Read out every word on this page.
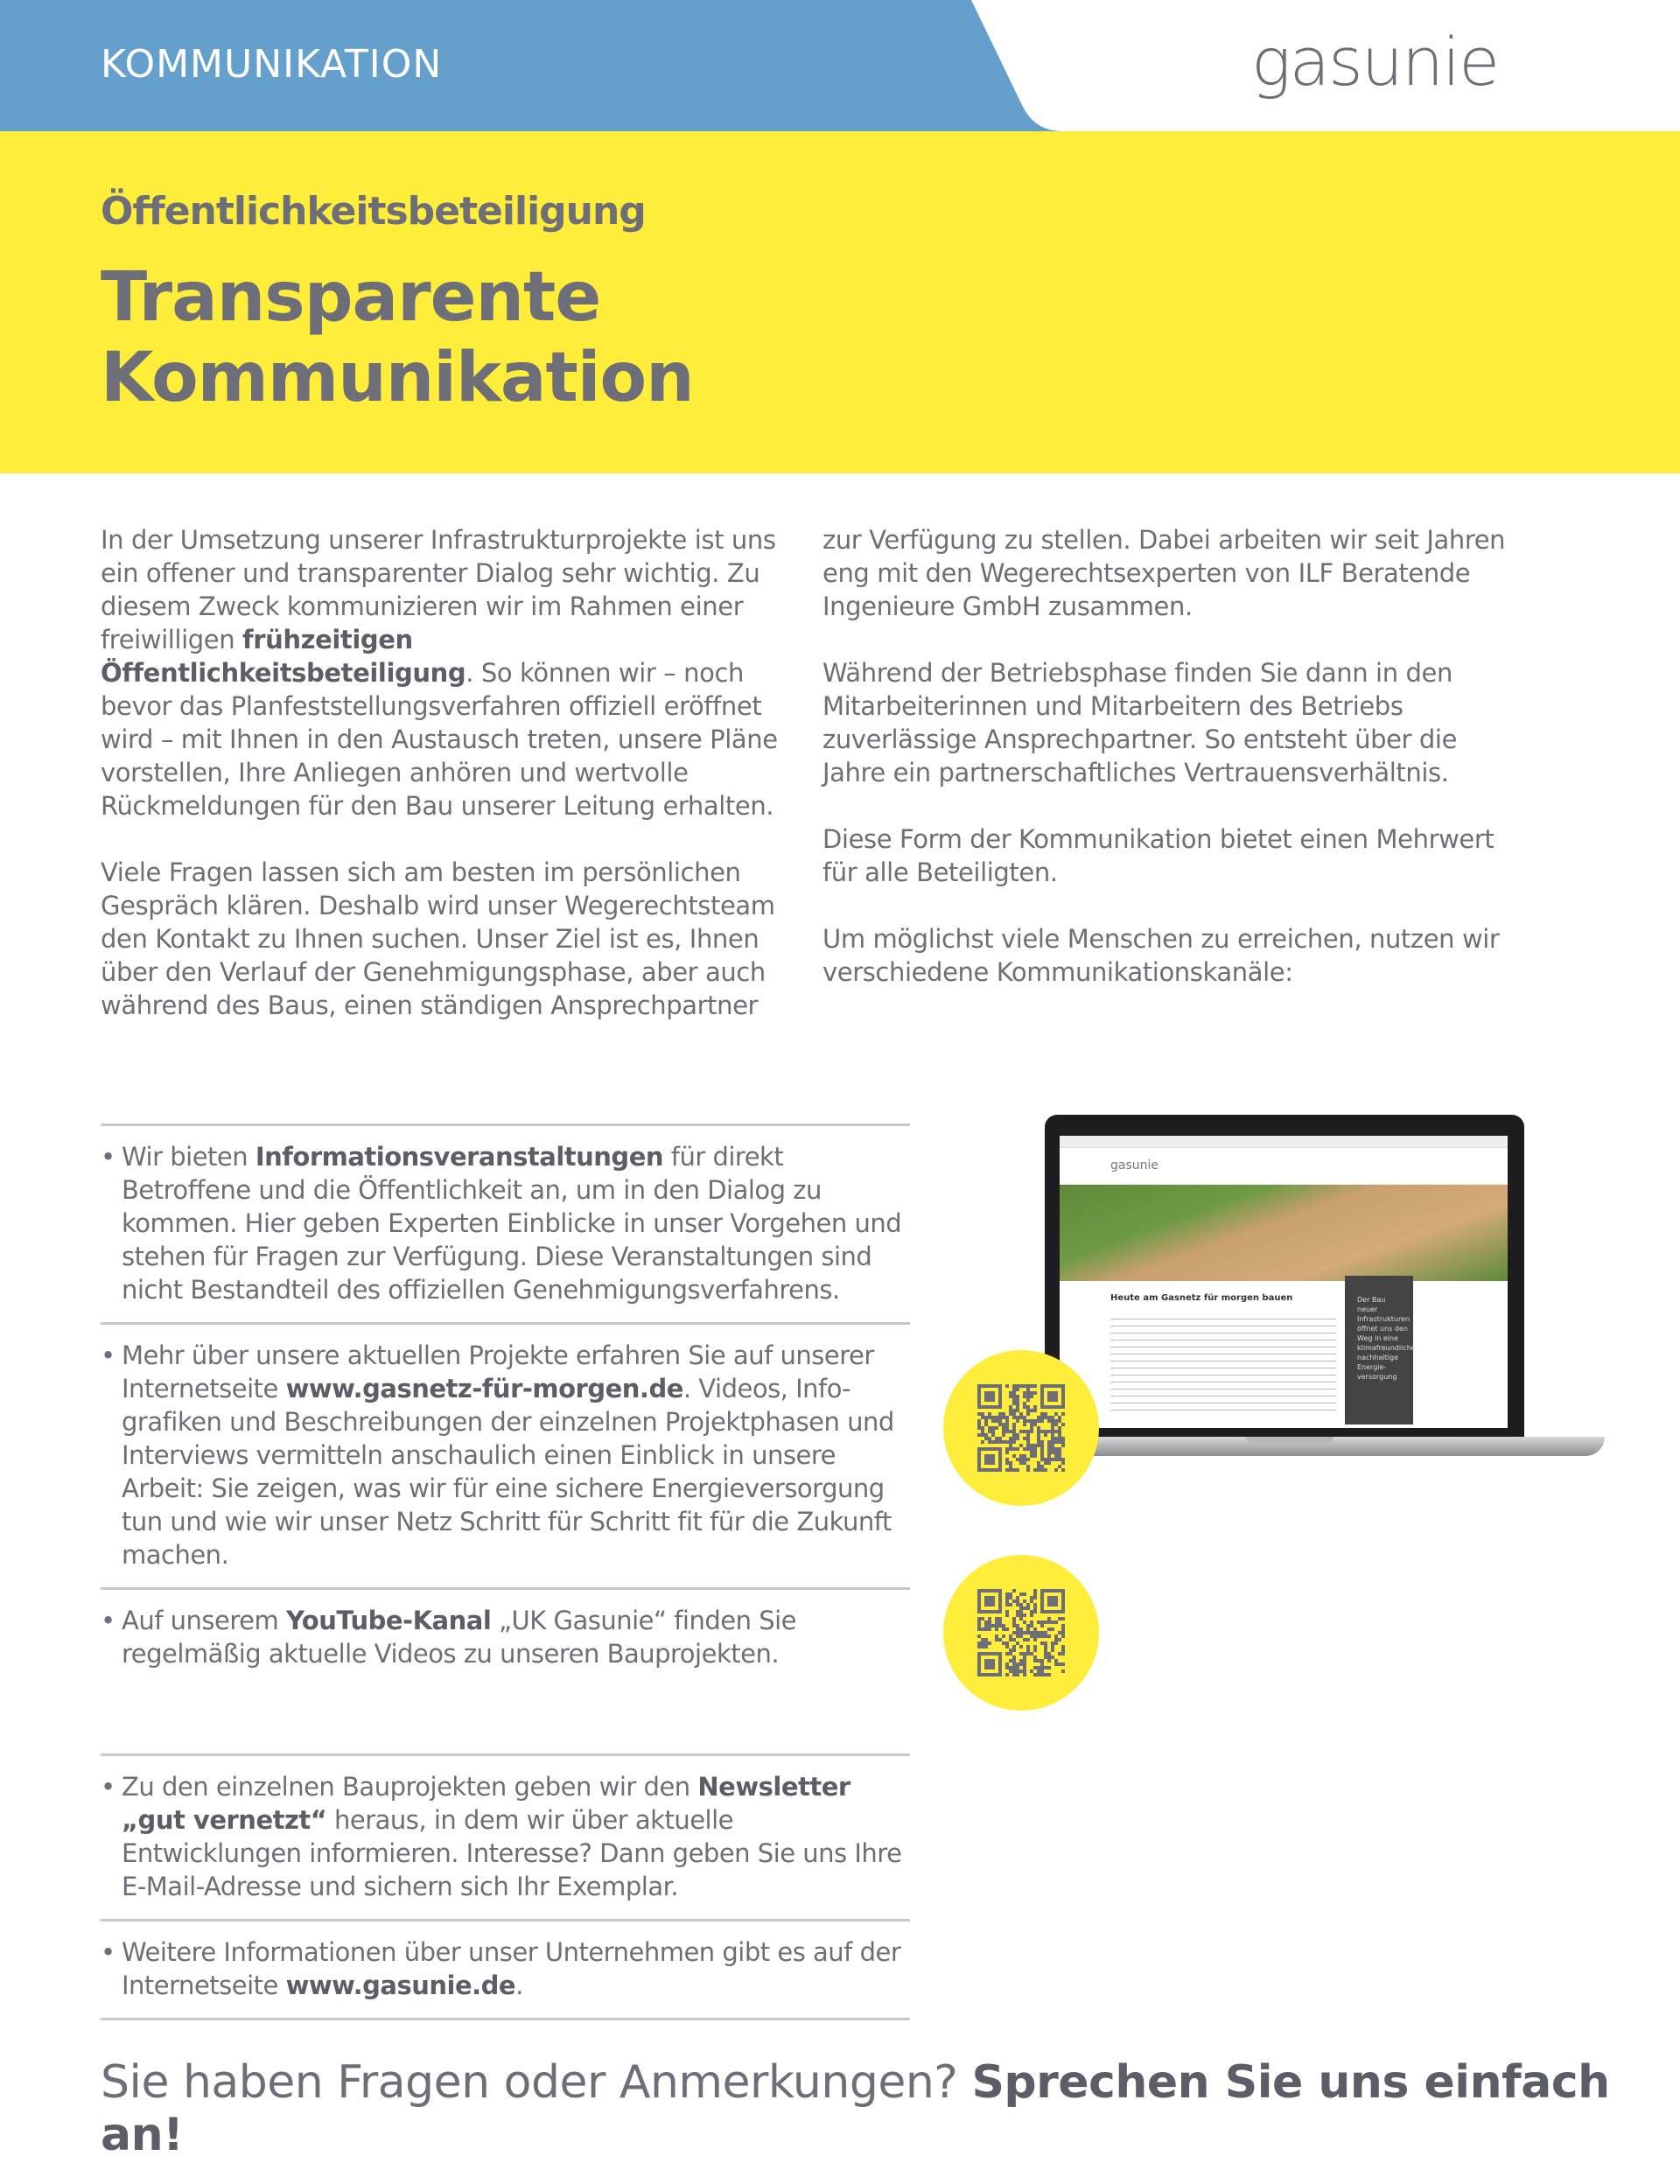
KOMMUNIKATION	gasunie
Öffentlichkeitsbeteiligung
Transparente
Kommunikation

In der Umsetzung unserer Infrastrukturprojekte ist uns ein offener und transparenter Dialog sehr wichtig. Zu diesem Zweck kommunizieren wir im Rahmen einer freiwilligen frühzeitigen Öffentlichkeitsbeteiligung. So können wir – noch bevor das Planfeststellungsverfahren offiziell eröffnet wird – mit Ihnen in den Austausch treten, unsere Pläne vorstellen, Ihre Anliegen anhören und wertvolle Rückmeldungen für den Bau unserer Leitung erhalten.

Viele Fragen lassen sich am besten im persönlichen Gespräch klären. Deshalb wird unser Wegerechtsteam den Kontakt zu Ihnen suchen. Unser Ziel ist es, Ihnen über den Verlauf der Genehmigungsphase, aber auch während des Baus, einen ständigen Ansprechpartner

zur Verfügung zu stellen. Dabei arbeiten wir seit Jahren eng mit den Wegerechtsexperten von ILF Beratende Ingenieure GmbH zusammen.

Während der Betriebsphase finden Sie dann in den Mitarbeiterinnen und Mitarbeitern des Betriebs zuverlässige Ansprechpartner. So entsteht über die Jahre ein partnerschaftliches Vertrauensverhältnis.

Diese Form der Kommunikation bietet einen Mehrwert für alle Beteiligten.

Um möglichst viele Menschen zu erreichen, nutzen wir verschiedene Kommunikationskanäle:

• Wir bieten Informationsveranstaltungen für direkt Betroffene und die Öffentlichkeit an, um in den Dialog zu kommen. Hier geben Experten Einblicke in unser Vorgehen und stehen für Fragen zur Verfügung. Diese Veranstaltungen sind nicht Bestandteil des offiziellen Genehmigungsverfahrens.
• Mehr über unsere aktuellen Projekte erfahren Sie auf unserer Internetseite www.gasnetz-für-morgen.de. Videos, Infografiken und Beschreibungen der einzelnen Projektphasen und Interviews vermitteln anschaulich einen Einblick in unsere Arbeit: Sie zeigen, was wir für eine sichere Energieversorgung tun und wie wir unser Netz Schritt für Schritt fit für die Zukunft machen.
• Auf unserem YouTube-Kanal „UK Gasunie“ finden Sie regelmäßig aktuelle Videos zu unseren Bauprojekten.
• Zu den einzelnen Bauprojekten geben wir den Newsletter „gut vernetzt“ heraus, in dem wir über aktuelle Entwicklungen informieren. Interesse? Dann geben Sie uns Ihre E-Mail-Adresse und sichern sich Ihr Exemplar.
• Weitere Informationen über unser Unternehmen gibt es auf der Internetseite www.gasunie.de.
gasunie
Heute am Gasnetz für morgen bauen	Der Bau neuer Infrastrukturen öffnet uns den Weg in eine klimafreundliche nachhaltige Energieversorgung
Sie haben Fragen oder Anmerkungen? Sprechen Sie uns einfach an!
